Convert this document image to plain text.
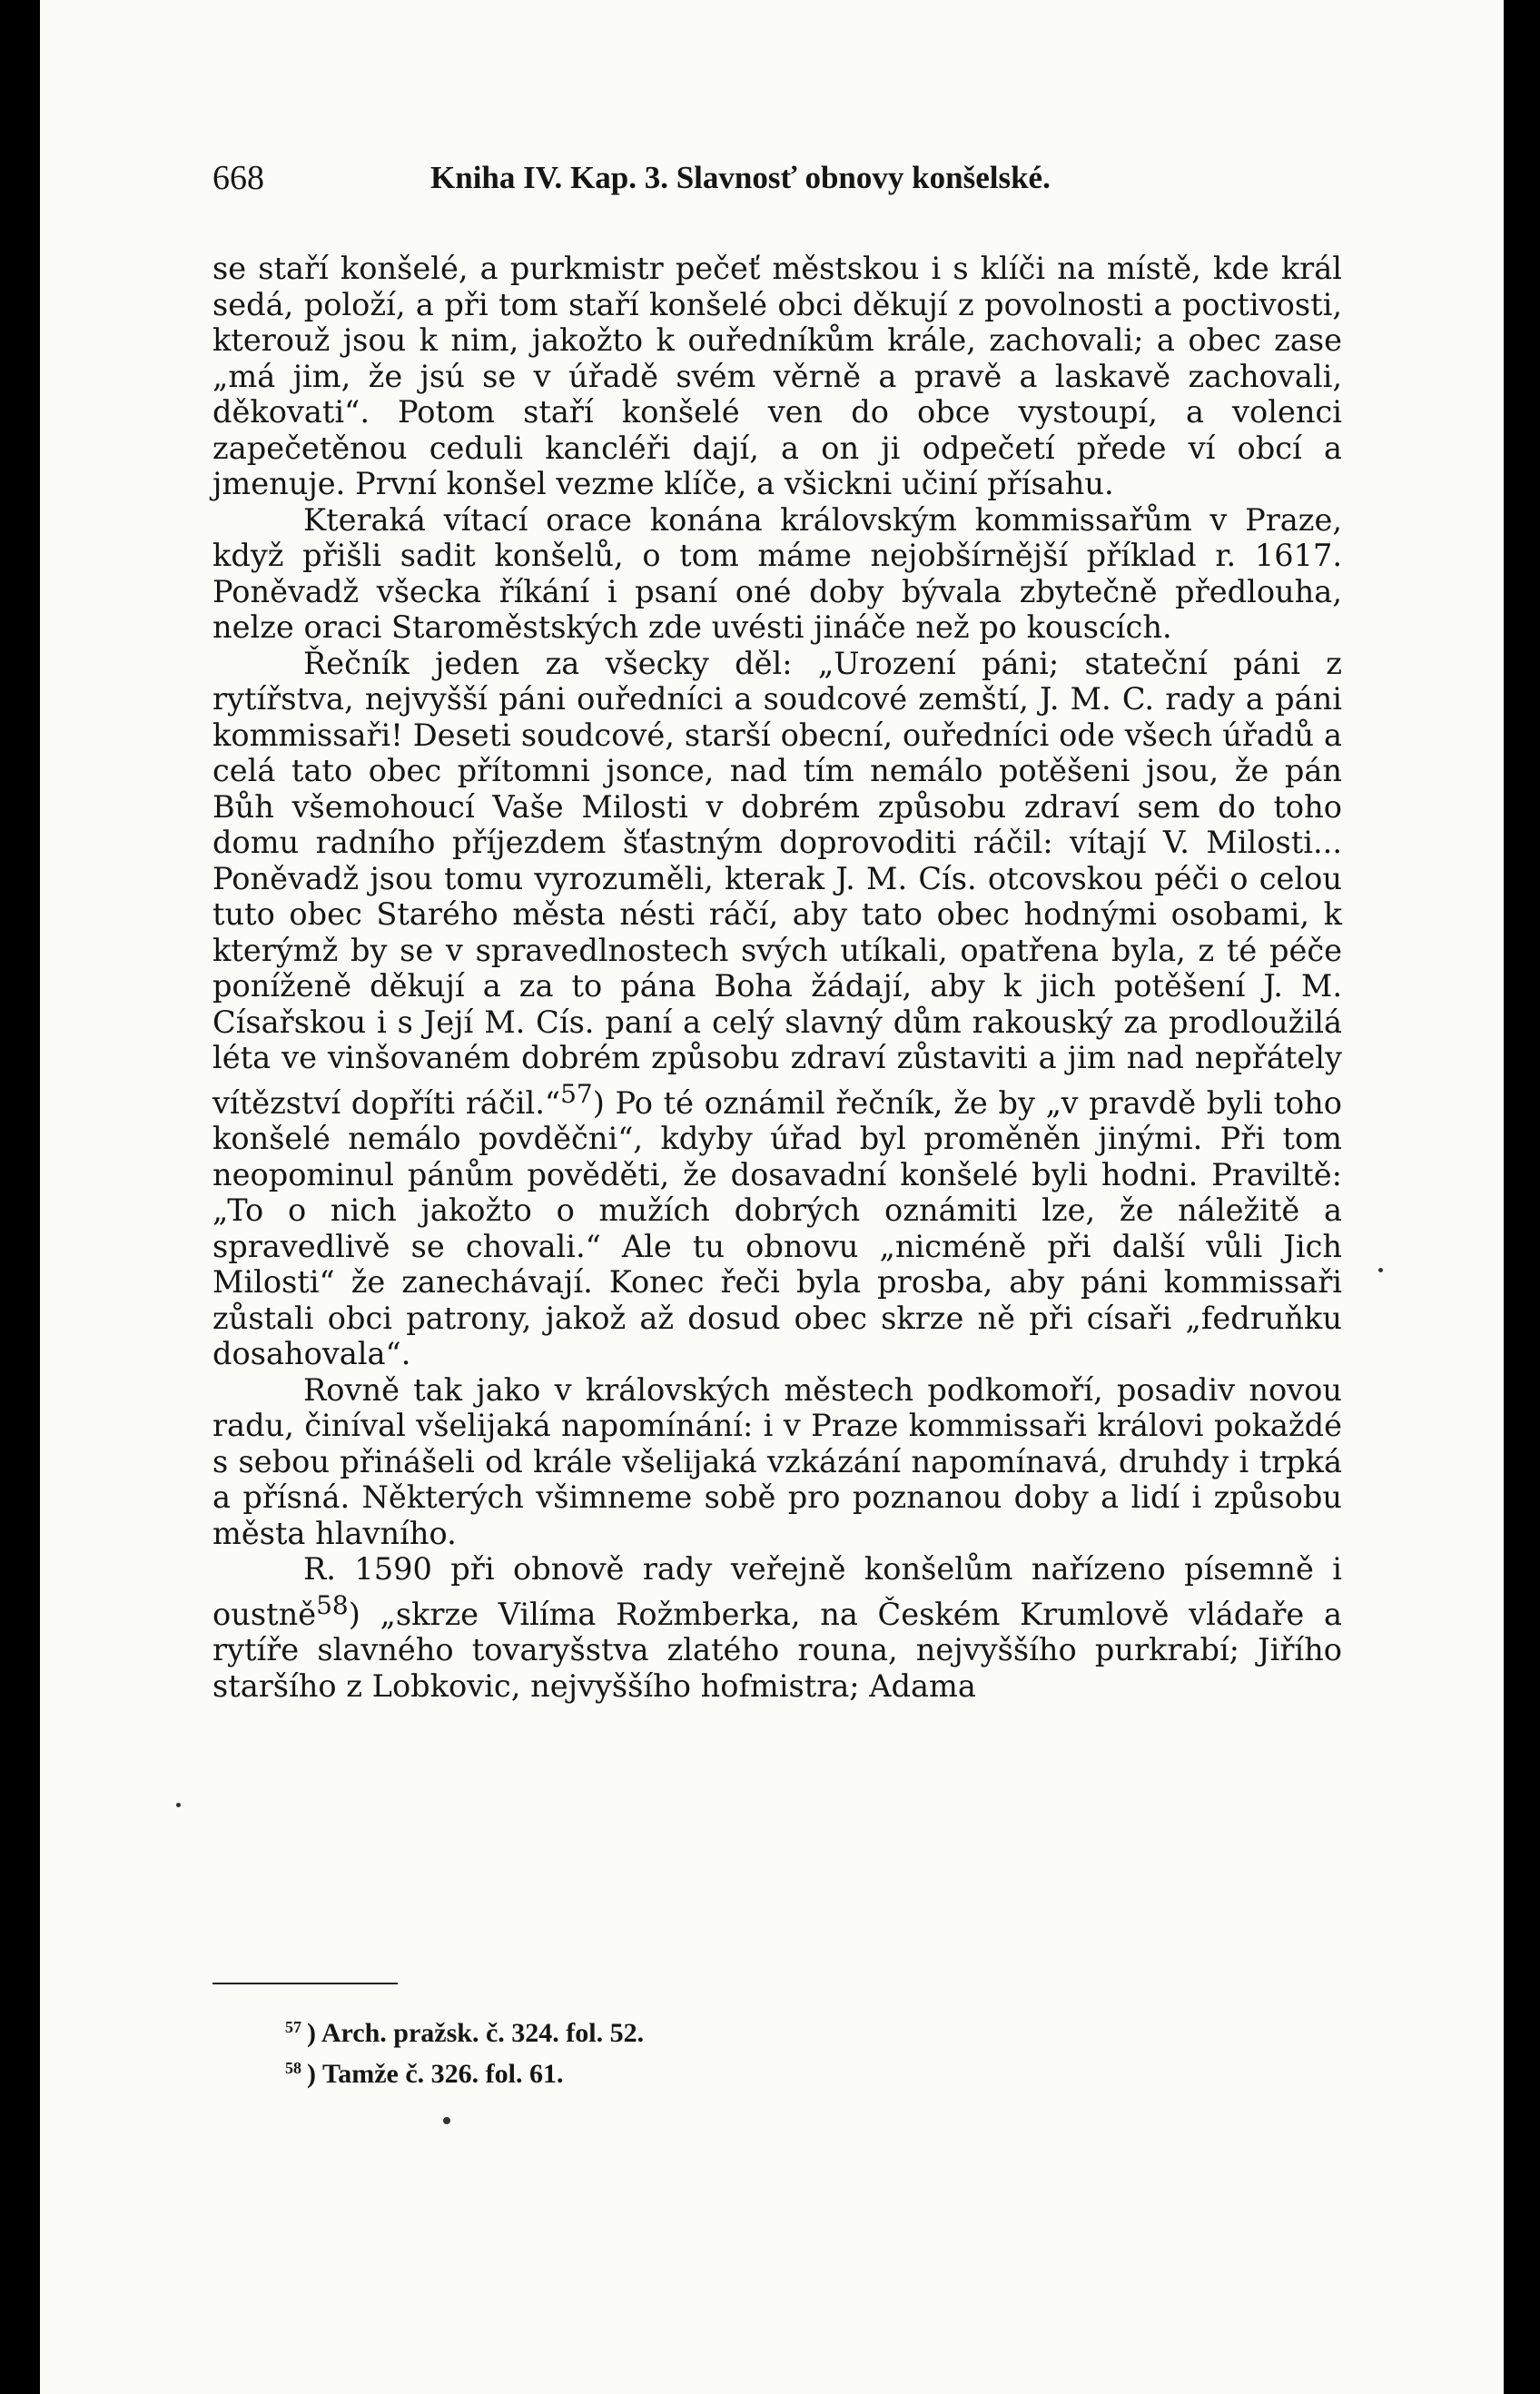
668	Kniha IV. Kap. 3. Slavnosť obnovy konšelské.

se staří konšelé, a purkmistr pečeť městskou i s klíči na místě, kde král sedá, položí, a při tom staří konšelé obci děkují z povolnosti a poctivosti, kterouž jsou k nim, jakožto k ouředníkům krále, zachovali; a obec zase „má jim, že jsú se v úřadě svém věrně a pravě a laskavě zachovali, děkovati“. Potom staří konšelé ven do obce vystoupí, a volenci zapečetěnou ceduli kancléři dají, a on ji odpečetí přede ví obcí a jmenuje. První konšel vezme klíče, a všickni učiní přísahu.

Kteraká vítací orace konána královským kommissařům v Praze, když přišli sadit konšelů, o tom máme nejobšírnější příklad r. 1617. Poněvadž všecka říkání i psaní oné doby bývala zbytečně předlouha, nelze oraci Staroměstských zde uvésti jináče než po kouscích.

Řečník jeden za všecky děl: „Urození páni; stateční páni z rytířstva, nejvyšší páni ouředníci a soudcové zemští, J. M. C. rady a páni kommissaři! Deseti soudcové, starší obecní, ouředníci ode všech úřadů a celá tato obec přítomni jsonce, nad tím nemálo potěšeni jsou, že pán Bůh všemohoucí Vaše Milosti v dobrém způsobu zdraví sem do toho domu radního příjezdem šťastným doprovoditi ráčil: vítají V. Milosti... Poněvadž jsou tomu vyrozuměli, kterak J. M. Cís. otcovskou péči o celou tuto obec Starého města nésti ráčí, aby tato obec hodnými osobami, k kterýmž by se v spravedlnostech svých utíkali, opatřena byla, z té péče poníženě děkují a za to pána Boha žádají, aby k jich potěšení J. M. Císařskou i s Její M. Cís. paní a celý slavný dům rakouský za prodloužilá léta ve vinšovaném dobrém způsobu zdraví zůstaviti a jim nad nepřátely vítězství dopříti ráčil.“$^{57}$) Po té oznámil řečník, že by „v pravdě byli toho konšelé nemálo povděčni“, kdyby úřad byl proměněn jinými. Při tom neopominul pánům pověděti, že dosavadní konšelé byli hodni. Praviltě: „To o nich jakožto o mužích dobrých oznámiti lze, že náležitě a spravedlivě se chovali.“ Ale tu obnovu „nicméně při další vůli Jich Milosti“ že zanechávají. Konec řeči byla prosba, aby páni kommissaři zůstali obci patrony, jakož až dosud obec skrze ně při císaři „fedruňku dosahovala“.

Rovně tak jako v královských městech podkomoří, posadiv novou radu, činíval všelijaká napomínání: i v Praze kommissaři královi pokaždé s sebou přinášeli od krále všelijaká vzkázání napomínavá, druhdy i trpká a přísná. Některých všimneme sobě pro poznanou doby a lidí i způsobu města hlavního.

R. 1590 při obnově rady veřejně konšelům nařízeno písemně i oustně$^{58}$) „skrze Vilíma Rožmberka, na Českém Krumlově vládaře a rytíře slavného tovaryšstva zlatého rouna, nejvyššího purkrabí; Jiřího staršího z Lobkovic, nejvyššího hofmistra; Adama

$^{57}$ ) Arch. pražsk. č. 324. fol. 52.
$^{58}$ ) Tamže č. 326. fol. 61.
